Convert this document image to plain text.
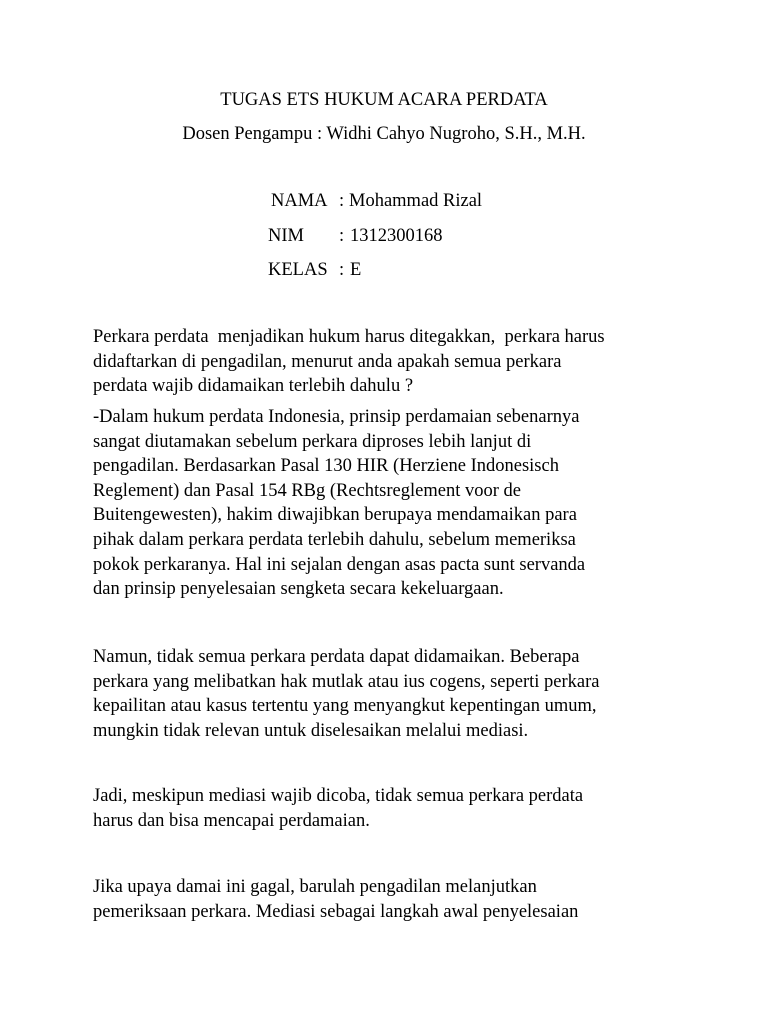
TUGAS ETS HUKUM ACARA PERDATA
Dosen Pengampu : Widhi Cahyo Nugroho, S.H., M.H.
NAMA : Mohammad Rizal
NIM : 1312300168
KELAS : E
Perkara perdata  menjadikan hukum harus ditegakkan,  perkara harus
didaftarkan di pengadilan, menurut anda apakah semua perkara
perdata wajib didamaikan terlebih dahulu ?
-Dalam hukum perdata Indonesia, prinsip perdamaian sebenarnya
sangat diutamakan sebelum perkara diproses lebih lanjut di
pengadilan. Berdasarkan Pasal 130 HIR (Herziene Indonesisch
Reglement) dan Pasal 154 RBg (Rechtsreglement voor de
Buitengewesten), hakim diwajibkan berupaya mendamaikan para
pihak dalam perkara perdata terlebih dahulu, sebelum memeriksa
pokok perkaranya. Hal ini sejalan dengan asas pacta sunt servanda
dan prinsip penyelesaian sengketa secara kekeluargaan.
Namun, tidak semua perkara perdata dapat didamaikan. Beberapa
perkara yang melibatkan hak mutlak atau ius cogens, seperti perkara
kepailitan atau kasus tertentu yang menyangkut kepentingan umum,
mungkin tidak relevan untuk diselesaikan melalui mediasi.
Jadi, meskipun mediasi wajib dicoba, tidak semua perkara perdata
harus dan bisa mencapai perdamaian.
Jika upaya damai ini gagal, barulah pengadilan melanjutkan
pemeriksaan perkara. Mediasi sebagai langkah awal penyelesaian
